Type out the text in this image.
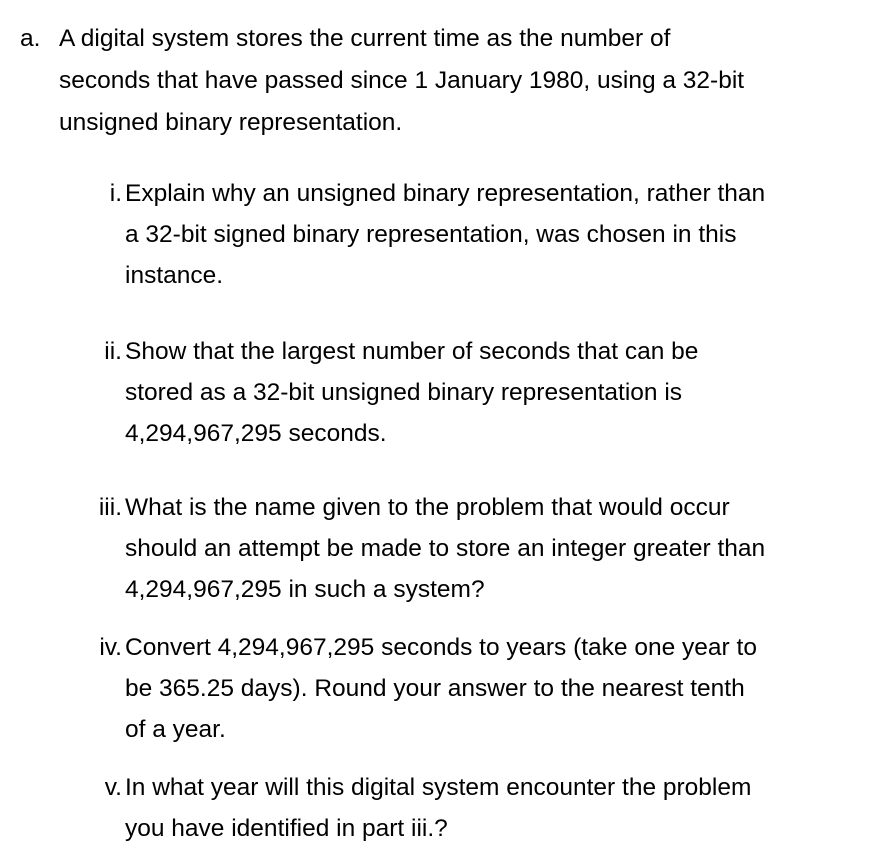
a. A digital system stores the current time as the number of
seconds that have passed since 1 January 1980, using a 32-bit
unsigned binary representation.
i. Explain why an unsigned binary representation, rather than
a 32-bit signed binary representation, was chosen in this
instance.
ii. Show that the largest number of seconds that can be
stored as a 32-bit unsigned binary representation is
4,294,967,295 seconds.
iii. What is the name given to the problem that would occur
should an attempt be made to store an integer greater than
4,294,967,295 in such a system?
iv. Convert 4,294,967,295 seconds to years (take one year to
be 365.25 days). Round your answer to the nearest tenth
of a year.
v. In what year will this digital system encounter the problem
you have identified in part iii.?
